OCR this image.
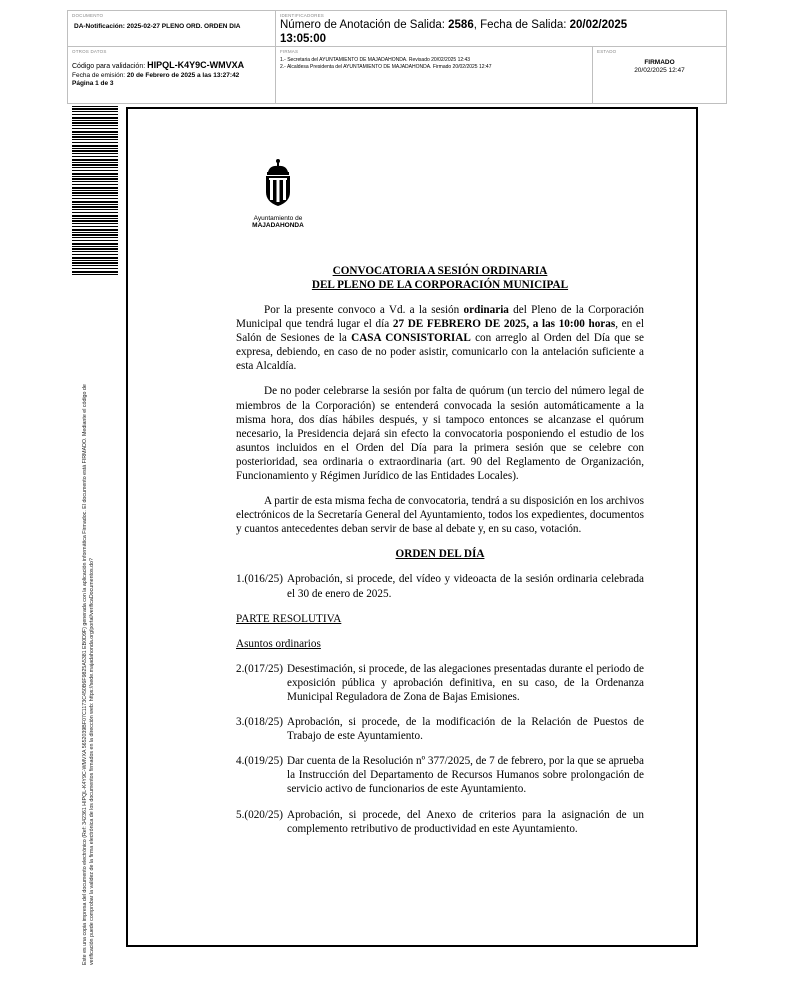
DOCUMENTO
DA-Notificación: 2025-02-27 PLENO ORD. ORDEN DIA
IDENTIFICADORES
Número de Anotación de Salida: 2586, Fecha de Salida: 20/02/2025
13:05:00
OTROS DATOS
Código para validación: HIPQL-K4Y9C-WMVXA
Fecha de emisión: 20 de Febrero de 2025 a las 13:27:42
Página 1 de 3
FIRMAS
1.- Secretaria del AYUNTAMIENTO DE MAJADAHONDA. Revisado 20/02/2025 12:43
2.- Alcaldesa Presidenta del AYUNTAMIENTO DE MAJADAHONDA. Firmado 20/02/2025 12:47
ESTADO
FIRMADO
20/02/2025 12:47
Este es una copia impresa del documento electrónico (Ref: 342361 HIPQL-K4Y9C-WMVXA 5652039BF07C1173C450B6F9825A5381 EB0D9F) generada con la aplicación informática Firmadoc. El documento está FIRMADO. Mediante el código de verificación puede comprobar la validez de la firma electrónica de los documentos firmados en la dirección web: https://sede.majadahonda.org/portal/verificaDocumentos.do?
Ayuntamiento de
MAJADAHONDA
CONVOCATORIA A SESIÓN ORDINARIA
DEL PLENO DE LA CORPORACIÓN MUNICIPAL

Por la presente convoco a Vd. a la sesión ordinaria del Pleno de la Corporación Municipal que tendrá lugar el día 27 DE FEBRERO DE 2025, a las 10:00 horas, en el Salón de Sesiones de la CASA CONSISTORIAL con arreglo al Orden del Día que se expresa, debiendo, en caso de no poder asistir, comunicarlo con la antelación suficiente a esta Alcaldía.

De no poder celebrarse la sesión por falta de quórum (un tercio del número legal de miembros de la Corporación) se entenderá convocada la sesión automáticamente a la misma hora, dos días hábiles después, y si tampoco entonces se alcanzase el quórum necesario, la Presidencia dejará sin efecto la convocatoria posponiendo el estudio de los asuntos incluidos en el Orden del Día para la primera sesión que se celebre con posterioridad, sea ordinaria o extraordinaria (art. 90 del Reglamento de Organización, Funcionamiento y Régimen Jurídico de las Entidades Locales).

A partir de esta misma fecha de convocatoria, tendrá a su disposición en los archivos electrónicos de la Secretaría General del Ayuntamiento, todos los expedientes, documentos y cuantos antecedentes deban servir de base al debate y, en su caso, votación.

ORDEN DEL DÍA
1.(016/25) Aprobación, si procede, del vídeo y videoacta de la sesión ordinaria celebrada el 30 de enero de 2025.
PARTE RESOLUTIVA
Asuntos ordinarios
2.(017/25) Desestimación, si procede, de las alegaciones presentadas durante el periodo de exposición pública y aprobación definitiva, en su caso, de la Ordenanza Municipal Reguladora de Zona de Bajas Emisiones.
3.(018/25) Aprobación, si procede, de la modificación de la Relación de Puestos de Trabajo de este Ayuntamiento.
4.(019/25) Dar cuenta de la Resolución nº 377/2025, de 7 de febrero, por la que se aprueba la Instrucción del Departamento de Recursos Humanos sobre prolongación de servicio activo de funcionarios de este Ayuntamiento.
5.(020/25) Aprobación, si procede, del Anexo de criterios para la asignación de un complemento retributivo de productividad en este Ayuntamiento.
